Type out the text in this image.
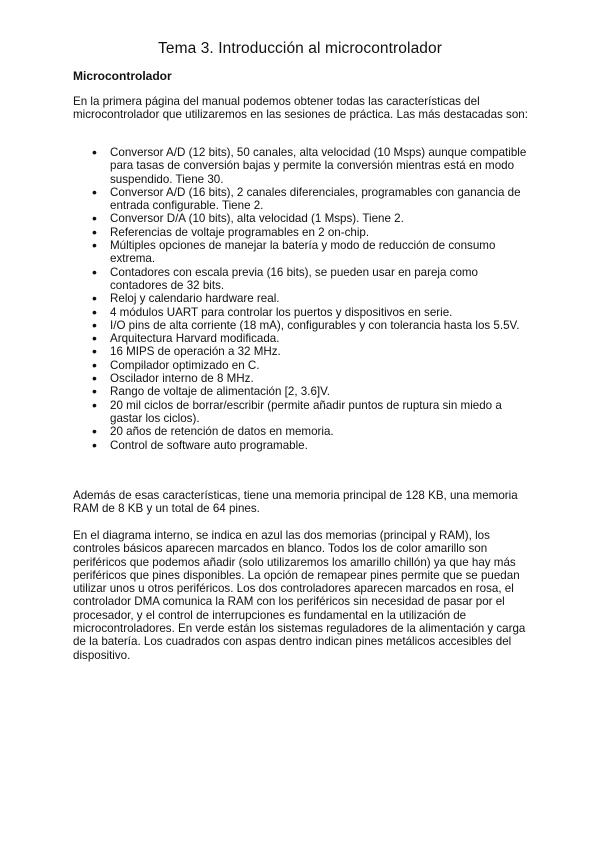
Tema 3. Introducción al microcontrolador
Microcontrolador
En la primera página del manual podemos obtener todas las características del microcontrolador que utilizaremos en las sesiones de práctica. Las más destacadas son:
• Conversor A/D (12 bits), 50 canales, alta velocidad (10 Msps) aunque compatible para tasas de conversión bajas y permite la conversión mientras está en modo suspendido. Tiene 30.
• Conversor A/D (16 bits), 2 canales diferenciales, programables con ganancia de entrada configurable. Tiene 2.
• Conversor D/A (10 bits), alta velocidad (1 Msps). Tiene 2.
• Referencias de voltaje programables en 2 on-chip.
• Múltiples opciones de manejar la batería y modo de reducción de consumo extrema.
• Contadores con escala previa (16 bits), se pueden usar en pareja como contadores de 32 bits.
• Reloj y calendario hardware real.
• 4 módulos UART para controlar los puertos y dispositivos en serie.
• I/O pins de alta corriente (18 mA), configurables y con tolerancia hasta los 5.5V.
• Arquitectura Harvard modificada.
• 16 MIPS de operación a 32 MHz.
• Compilador optimizado en C.
• Oscilador interno de 8 MHz.
• Rango de voltaje de alimentación [2, 3.6]V.
• 20 mil ciclos de borrar/escribir (permite añadir puntos de ruptura sin miedo a gastar los ciclos).
• 20 años de retención de datos en memoria.
• Control de software auto programable.
Además de esas características, tiene una memoria principal de 128 KB, una memoria RAM de 8 KB y un total de 64 pines.
En el diagrama interno, se indica en azul las dos memorias (principal y RAM), los controles básicos aparecen marcados en blanco. Todos los de color amarillo son periféricos que podemos añadir (solo utilizaremos los amarillo chillón) ya que hay más periféricos que pines disponibles. La opción de remapear pines permite que se puedan utilizar unos u otros periféricos. Los dos controladores aparecen marcados en rosa, el controlador DMA comunica la RAM con los periféricos sin necesidad de pasar por el procesador, y el control de interrupciones es fundamental en la utilización de microcontroladores. En verde están los sistemas reguladores de la alimentación y carga de la batería. Los cuadrados con aspas dentro indican pines metálicos accesibles del dispositivo.
